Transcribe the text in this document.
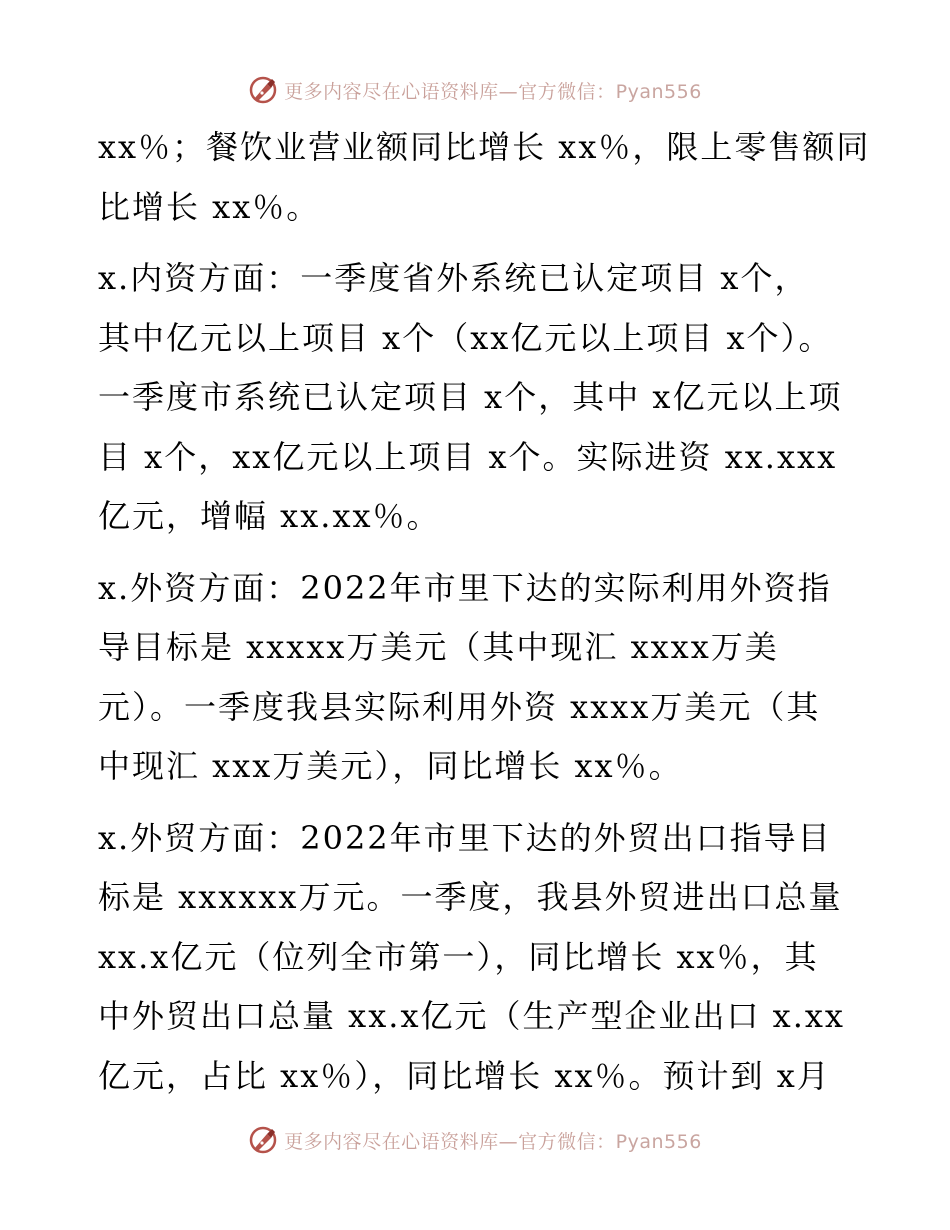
更多内容尽在心语资料库—官方微信：Pyan556
xx％；餐饮业营业额同比增长 xx％，限上零售额同
比增长 xx％。
x.内资方面：一季度省外系统已认定项目 x个，
其中亿元以上项目 x个（xx亿元以上项目 x个）。
一季度市系统已认定项目 x个，其中 x亿元以上项
目 x个，xx亿元以上项目 x个。实际进资 xx.xxx
亿元，增幅 xx.xx％。
x.外资方面：2022年市里下达的实际利用外资指
导目标是 xxxxx万美元（其中现汇 xxxx万美
元）。一季度我县实际利用外资 xxxx万美元（其
中现汇 xxx万美元），同比增长 xx％。
x.外贸方面：2022年市里下达的外贸出口指导目
标是 xxxxxx万元。一季度，我县外贸进出口总量
xx.x亿元（位列全市第一），同比增长 xx％，其
中外贸出口总量 xx.x亿元（生产型企业出口 x.xx
亿元，占比 xx％），同比增长 xx％。预计到 x月
更多内容尽在心语资料库—官方微信：Pyan556
